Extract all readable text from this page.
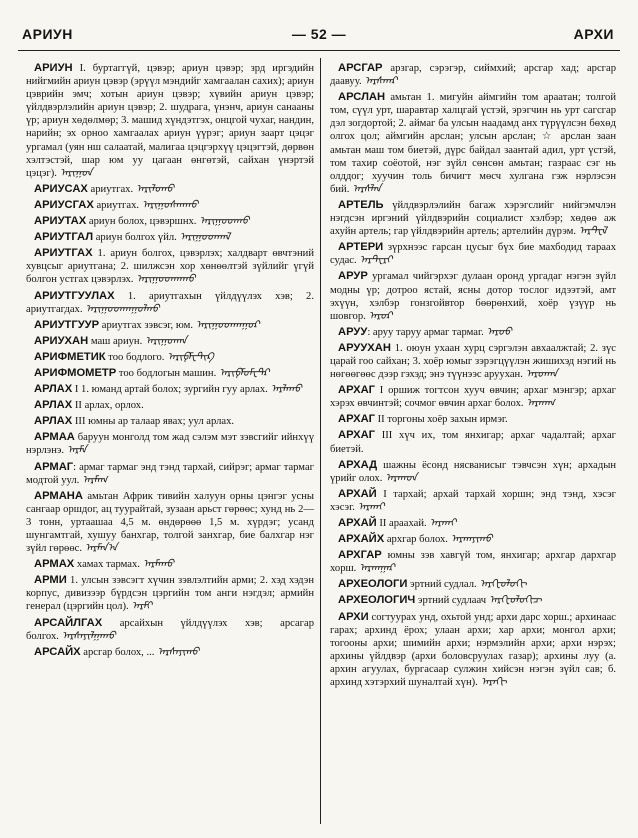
АРИУН	— 52 —	АРХИ

АРИУН I. буртаггүй, цэвэр; ариун цэвэр; зрд иргэдийн нийгмийн ариун цэвэр (эрүүл мэндийг хамгаалан сахих); ариун цэврийн эмч; хотын ариун цэвэр; хүвийн ариун цэвэр; үйлдвэрлэлийн ариун цэвэр; 2. шудрага, үнэнч, ариун санааны үр; ариун хөдөлмөр; 3. машид хүндэтгэх, онцгой чухаг, нандин, нарийн; эх орноо хамгаалах ариун үүрэг; ариун заарт цэцэг ургамал (уян нш салаатай, малигаа цэцгэрхүү цэцэгтэй, дөрвөн хэлтэстэй, шар юм уу цагаан өнгөтэй, сайхан үнэртэй цэцэг). ᠠᠷᠢᠭᠤᠨ

АРИУСАХ ариутгах. ᠠᠷᠢᠯᠤᠬᠤ

АРИУСГАХ ариутгах. ᠠᠷᠢᠭᠤᠰᠬᠠᠬᠤ

АРИУТАХ ариун болох, цэвэршнх. ᠠᠷᠢᠭᠤᠳᠬᠤ

АРИУТГАЛ ариун болгох үйл. ᠠᠷᠢᠭᠤᠳᠬᠠᠯ

АРИУТГАХ 1. ариун болгох, цэвэрлэх; халдварт өвчтэний хувцсыг ариутгана; 2. шилжсэн хор хөнөөлтэй зүйлийг үгүй болгон устгах цэвэрлэх. ᠠᠷᠢᠭᠤᠳᠬᠠᠬᠤ

АРИУТГУУЛАХ 1. ариутгахын үйлдүүлэх хэв; 2. ариутгагдах. ᠠᠷᠢᠭᠤᠳᠬᠠᠭᠤᠯᠬᠤ

АРИУТГУУР ариутгах зэвсэг, юм. ᠠᠷᠢᠭᠤᠳᠬᠠᠭᠤᠷ

АРИУХАН маш ариун. ᠠᠷᠢᠭᠤᠬᠠᠨ

АРИФМЕТИК тоо бодлого. ᠠᠷᠢᠹᠮᠧᠲ᠋ᠢᠺ

АРИФМОМЕТР тоо бодлогын машин. ᠠᠷᠢᠹᠮᠣᠮᠧᠲ᠋ᠷ

АРЛАХ I 1. юманд артай болох; зургийн гуу арлах. ᠠᠷᠯᠠᠬᠤ

АРЛАХ II арлах, орлох.

АРЛАХ III юмны ар талаар явах; уул арлах.

АРМАА баруун монголд том жад сэлэм мэт зэвсгийг ийнхүү нэрлэнэ. ᠠᠷᠮᠠ

АРМАГ: армаг тармаг энд тэнд тархай, сийрэг; армаг тармаг модтой уул. ᠠᠷᠮᠠᠭ

АРМАНА амьтан Африк тивийн халуун орны цэнгэг усны сангаар оршдог, ац туурайтай, зузаан арьст гөрөөс; хунд нь 2—3 тонн, уртаашаа 4,5 м. өндөрөөө 1,5 м. хүрдэг; усанд шунгамтгай, хушуу банхгар, толгой занхгар, бие балхгар нэг зүйл гөрөөс. ᠠᠷᠮᠠᠨ᠎ᠠ

АРМАХ хамах тармах. ᠠᠷᠮᠠᠬᠤ

АРМИ 1. улсын зэвсэгт хүчин зэвлэлтийн арми; 2. хэд хэдэн корпус, дивизээр бүрдсэн цэргийн том анги нэгдэл; армийн генерал (цэргийн цол). ᠠᠷᠮᠢ

АРСАЙЛГАХ арсайхын үйлдүүлэх хэв; арсагар болгох. ᠠᠷᠰᠠᠶᠢᠯᠭᠠᠬᠤ

АРСАЙХ арсгар болох, ... ᠠᠷᠰᠠᠶᠢᠬᠤ

АРСГАР арзгар, сэрэгэр, сиймхий; арсгар хад; арсгар даавуу. ᠠᠷᠰᠭᠠᠷ

АРСЛАН амьтан 1. мигуйн аймгийн том араатан; толгой том, сүүл урт, шаравтар халцгай үстэй, эрэгчин нь урт сагсгар дэл зогдортой; 2. аймаг ба улсын наадамд анх түрүүлсэн бөхөд олгох цол; аймгийн арслан; улсын арслан; ☆ арслан заан амьтан маш том биетэй, дүрс байдал заантай адил, урт үстэй, том тахир соёотой, нэг зүйл сөнсөн амьтан; газраас сэг нь олддог; хуучин толь бичигт мөсч хулгана гэж нэрлэсэн бий. ᠠᠷᠰᠯᠠᠨ

АРТЕЛЬ үйлдвэрлэлийн багаж хэрэгслийг нийгэмчлэн нэгдсэн иргэний үйлдвэрийн социалист хэлбэр; хөдөө аж ахуйн артель; гар үйлдвэрийн артель; артелийн дүрэм. ᠠᠷᠲ᠋ᠧᠯ

АРТЕРИ зүрхнээс гарсан цусыг бүх бие махбодид тараах судас. ᠠᠷᠲ᠋ᠧᠷᠢ

АРУР ургамал чийгэрхэг дулаан оронд ургадаг нэгэн зүйл модны үр; дотроо ястай, ясны дотор тослог идээтэй, амт эхүүн, хэлбэр гонзгойвтор бөөрөнхий, хоёр үзүүр нь шовгор. ᠠᠷᠤᠷ

АРУУ: аруу таруу армаг тармаг. ᠠᠷᠤᠤ

АРУУХАН 1. оюун ухаан хурц сэргэлэн авхаалжтай; 2. зүс царай гоо сайхан; 3. хоёр юмыг зэрэгцүүлэн жишихэд нэгий нь нөгөөгөөс дээр гэхэд; энэ түүнээс аруухан. ᠠᠷᠤᠬᠠᠨ

АРХАГ I оршиж тогтсон хууч өвчин; архаг мэнгэр; архаг хэрэх өвчинтэй; сочмог өвчин архаг болох. ᠠᠷᠬᠠᠭ

АРХАГ II торгоны хоёр захын ирмэг.

АРХАГ III хүч их, том янхигар; архаг чадалтай; архаг биетэй.

АРХАД шажны ёсонд нясванисыг тэвчсэн хүн; архадын үрийг олох. ᠠᠷᠬᠠᠳ

АРХАЙ I тархай; архай тархай хоршн; энд тэнд, хэсэг хэсэг. ᠠᠷᠬᠠᠢ

АРХАЙ II араахай. ᠠᠷᠬᠠᠢ

АРХАЙХ архгар болох. ᠠᠷᠬᠠᠶᠢᠬᠤ

АРХГАР юмны зэв хавгүй том, янхигар; архгар дархгар хорш. ᠠᠷᠬᠠᠭᠠᠷ

АРХЕОЛОГИ эртний судлал. ᠠᠷᠬᠧᠣᠯᠣᠭᠢ

АРХЕОЛОГИЧ эртний судлаач ᠠᠷᠬᠧᠣᠯᠣᠭᠢᠴ

АРХИ согтуурах унд, охьтой унд; архи дарс хорш.; архинаас гарах; архинд ёрох; улаан архи; хар архи; монгол архи; тогооны архи; шимийн архи; нэрмэлийн архи; архи нэрэх; архины үйлдвэр (архи боловсруулах газар); архины луу (а. архин агуулах, бургасаар сулжин хийсэн нэгэн зүйл сав; б. архинд хэтэрхий шуналтай хүн). ᠠᠷᠠᠬᠢ
